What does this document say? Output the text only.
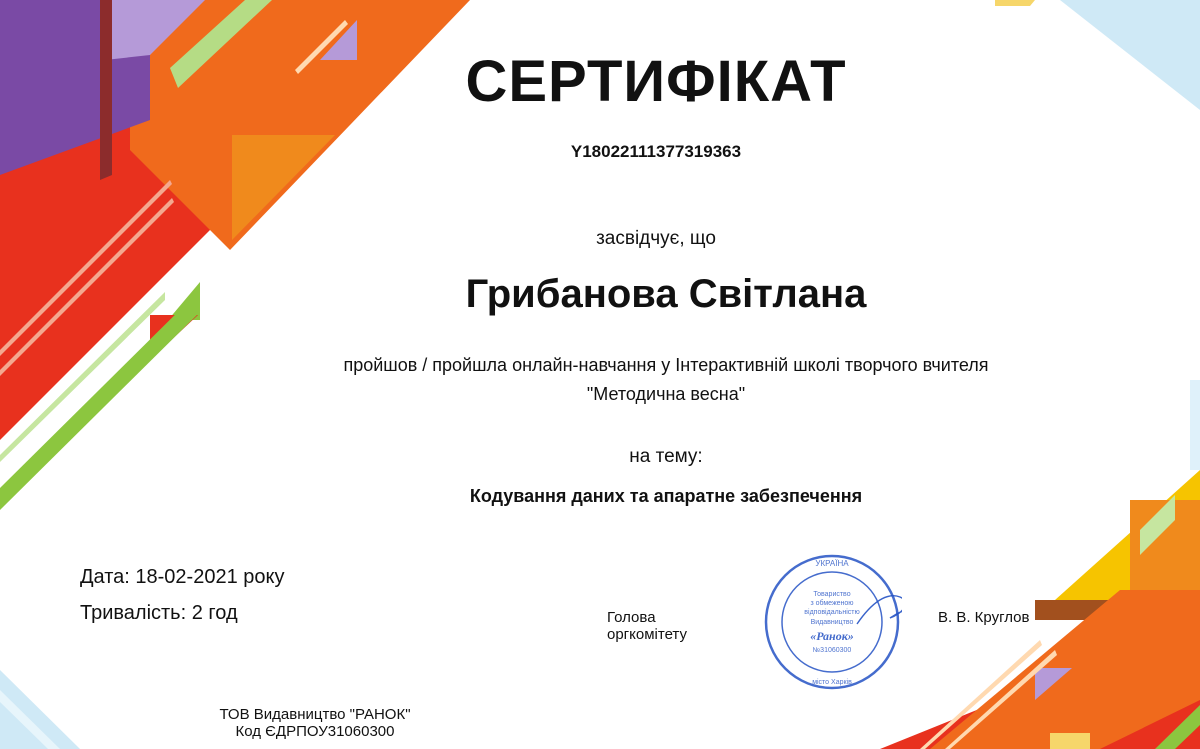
СЕРТИФІКАТ
Y18022111377319363
засвідчує, що
Грибанова Світлана
пройшов / пройшла онлайн-навчання у Інтерактивній школі творчого вчителя
"Методична весна"
на тему:
Кодування даних та апаратне забезпечення
Дата: 18-02-2021 року
Тривалість: 2 год	Голова
оргкомітету
Товариство
з обмеженою
відповідальністю
Видавництво
«Ранок»
№31060300
УКРАЇНА
місто Харків
В. В. Круглов
ТОВ Видавництво "РАНОК"
Код ЄДРПОУ31060300
